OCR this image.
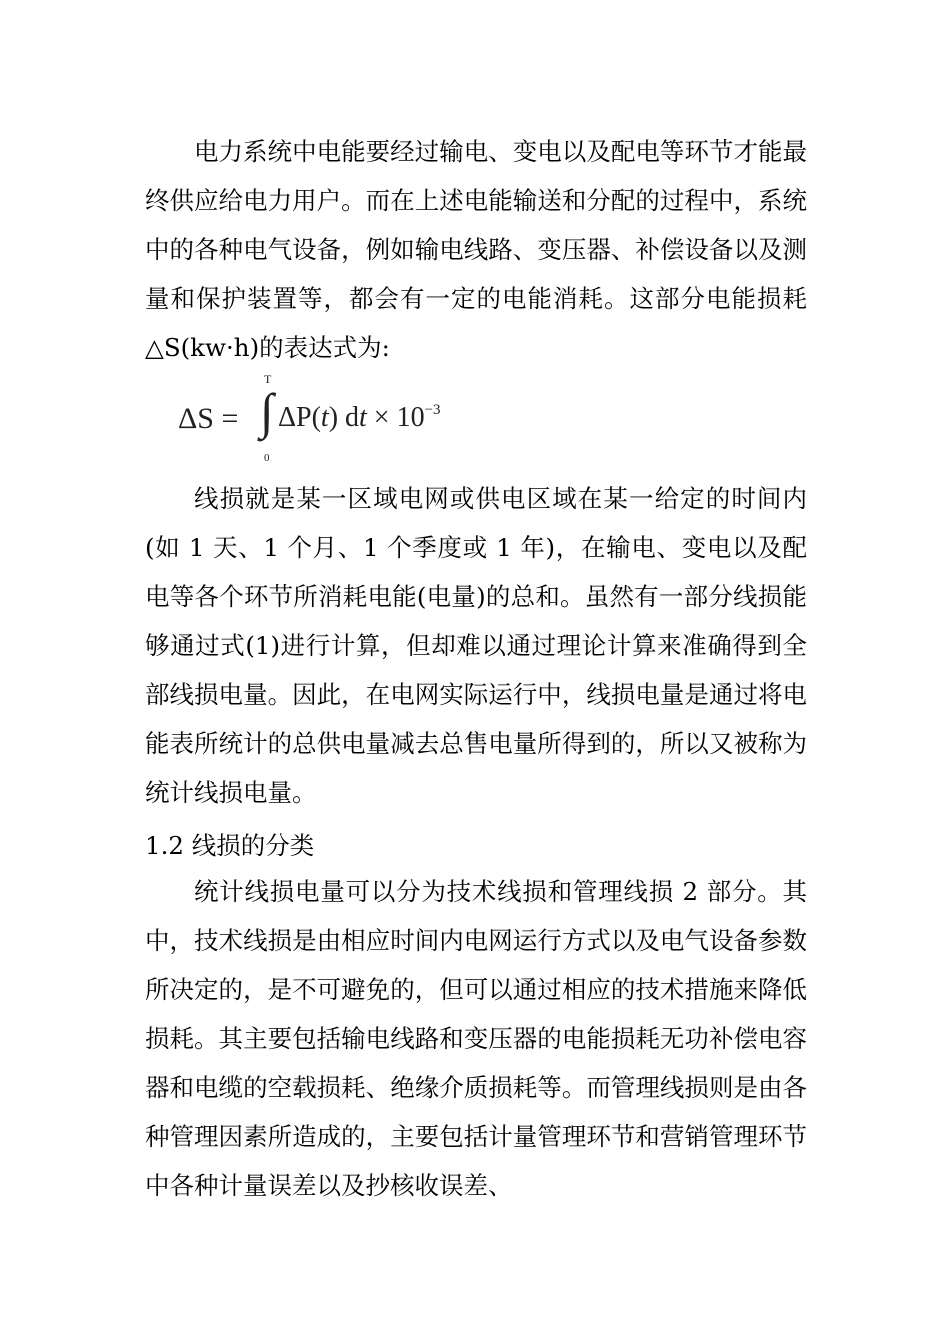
电力系统中电能要经过输电、变电以及配电等环节才能最终供应给电力用户。而在上述电能输送和分配的过程中，系统中的各种电气设备，例如输电线路、变压器、补偿设备以及测量和保护装置等，都会有一定的电能消耗。这部分电能损耗△S(kw·h)的表达式为:

ΔS =
T
∫
0
ΔP(t) dt × $10^{-3}$

线损就是某一区域电网或供电区域在某一给定的时间内(如 1 天、1 个月、1 个季度或 1 年)，在输电、变电以及配电等各个环节所消耗电能(电量)的总和。虽然有一部分线损能够通过式(1)进行计算，但却难以通过理论计算来准确得到全部线损电量。因此，在电网实际运行中，线损电量是通过将电能表所统计的总供电量减去总售电量所得到的，所以又被称为统计线损电量。

1.2 线损的分类

统计线损电量可以分为技术线损和管理线损 2 部分。其中，技术线损是由相应时间内电网运行方式以及电气设备参数所决定的，是不可避免的，但可以通过相应的技术措施来降低损耗。其主要包括输电线路和变压器的电能损耗无功补偿电容器和电缆的空载损耗、绝缘介质损耗等。而管理线损则是由各种管理因素所造成的，主要包括计量管理环节和营销管理环节中各种计量误差以及抄核收误差、
